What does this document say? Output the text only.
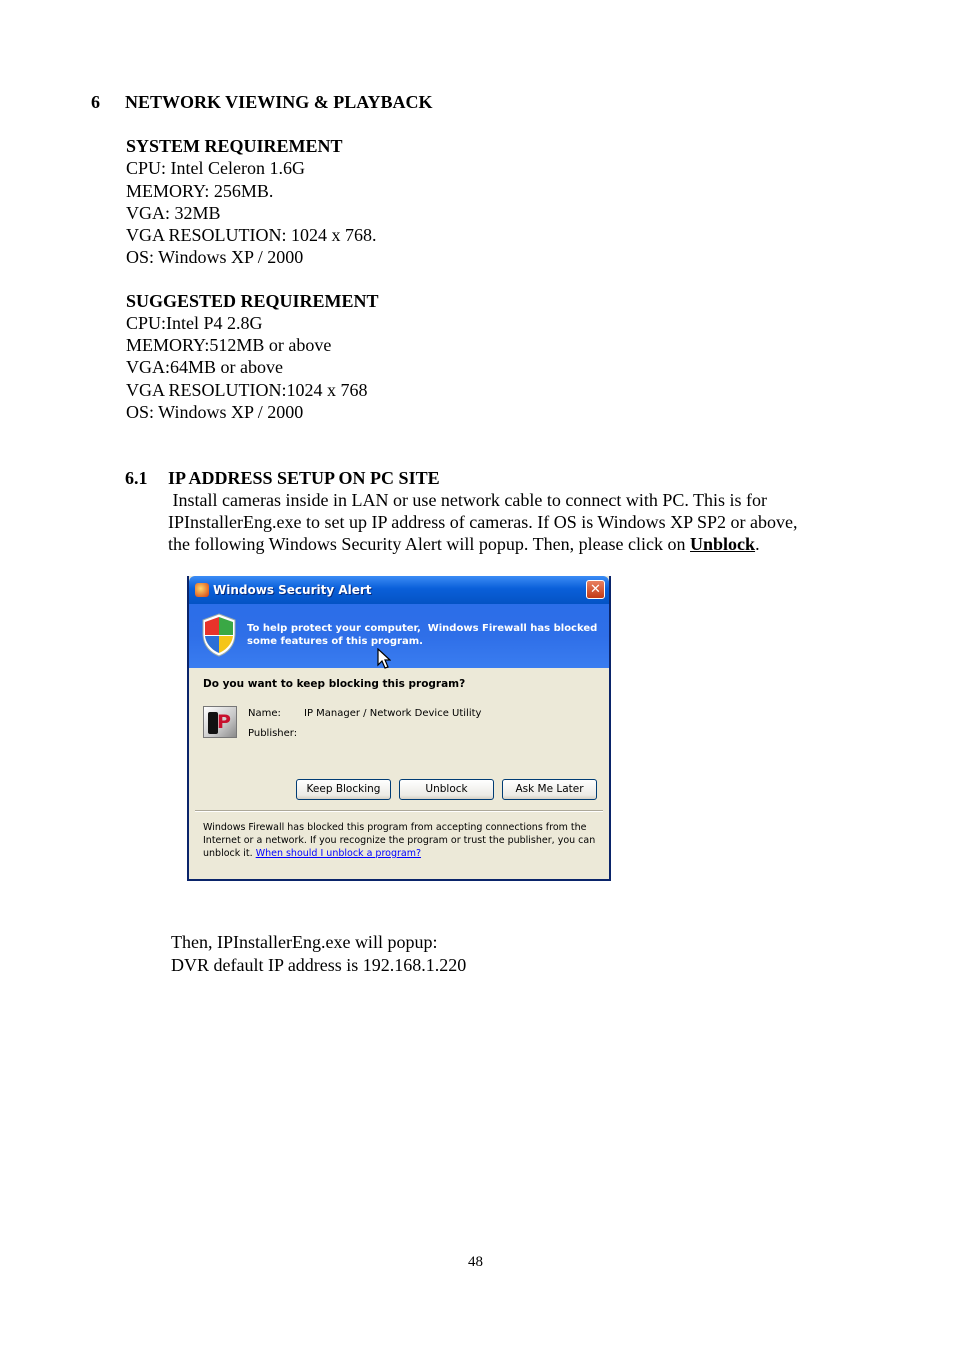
6 NETWORK VIEWING & PLAYBACK
SYSTEM REQUIREMENT
CPU: Intel Celeron 1.6G
MEMORY: 256MB.
VGA: 32MB
VGA RESOLUTION: 1024 x 768.
OS: Windows XP / 2000
SUGGESTED REQUIREMENT
CPU:Intel P4 2.8G
MEMORY:512MB or above
VGA:64MB or above
VGA RESOLUTION:1024 x 768
OS: Windows XP / 2000
6.1 IP ADDRESS SETUP ON PC SITE
Install cameras inside in LAN or use network cable to connect with PC. This is for
IPInstallerEng.exe to set up IP address of cameras. If OS is Windows XP SP2 or above,
the following Windows Security Alert will popup. Then, please click on Unblock.
Windows Security Alert	✕
To help protect your computer,  Windows Firewall has blocked
some features of this program.
Do you want to keep blocking this program?
P Name: IP Manager / Network Device Utility
Publisher:
Keep Blocking	Unblock	Ask Me Later
Windows Firewall has blocked this program from accepting connections from the Internet or a network. If you recognize the program or trust the publisher, you can unblock it. When should I unblock a program?
Then, IPInstallerEng.exe will popup:
DVR default IP address is 192.168.1.220
48
